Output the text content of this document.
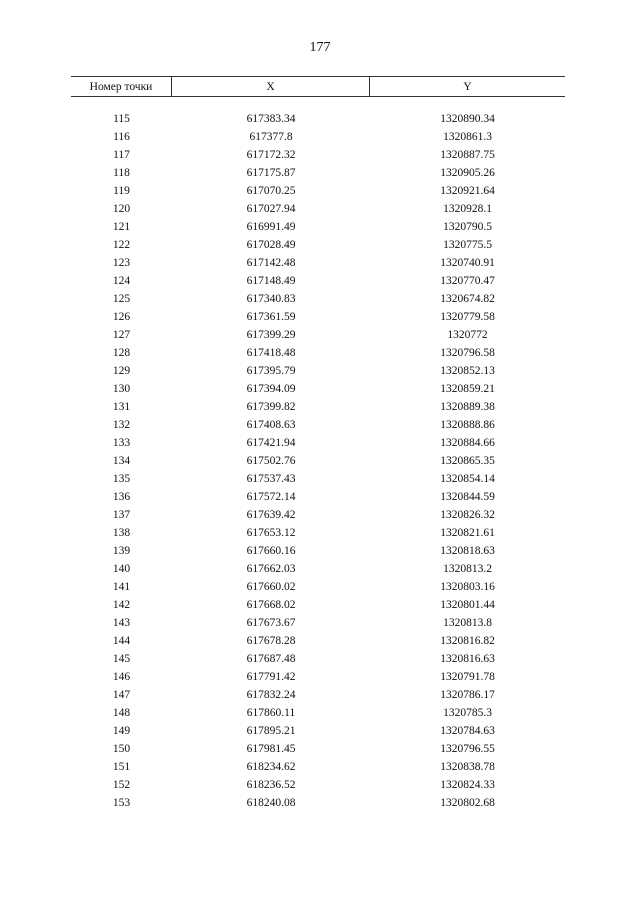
177
Номер точки	X	Y
115	617383.34	1320890.34
116	617377.8	1320861.3
117	617172.32	1320887.75
118	617175.87	1320905.26
119	617070.25	1320921.64
120	617027.94	1320928.1
121	616991.49	1320790.5
122	617028.49	1320775.5
123	617142.48	1320740.91
124	617148.49	1320770.47
125	617340.83	1320674.82
126	617361.59	1320779.58
127	617399.29	1320772
128	617418.48	1320796.58
129	617395.79	1320852.13
130	617394.09	1320859.21
131	617399.82	1320889.38
132	617408.63	1320888.86
133	617421.94	1320884.66
134	617502.76	1320865.35
135	617537.43	1320854.14
136	617572.14	1320844.59
137	617639.42	1320826.32
138	617653.12	1320821.61
139	617660.16	1320818.63
140	617662.03	1320813.2
141	617660.02	1320803.16
142	617668.02	1320801.44
143	617673.67	1320813.8
144	617678.28	1320816.82
145	617687.48	1320816.63
146	617791.42	1320791.78
147	617832.24	1320786.17
148	617860.11	1320785.3
149	617895.21	1320784.63
150	617981.45	1320796.55
151	618234.62	1320838.78
152	618236.52	1320824.33
153	618240.08	1320802.68
